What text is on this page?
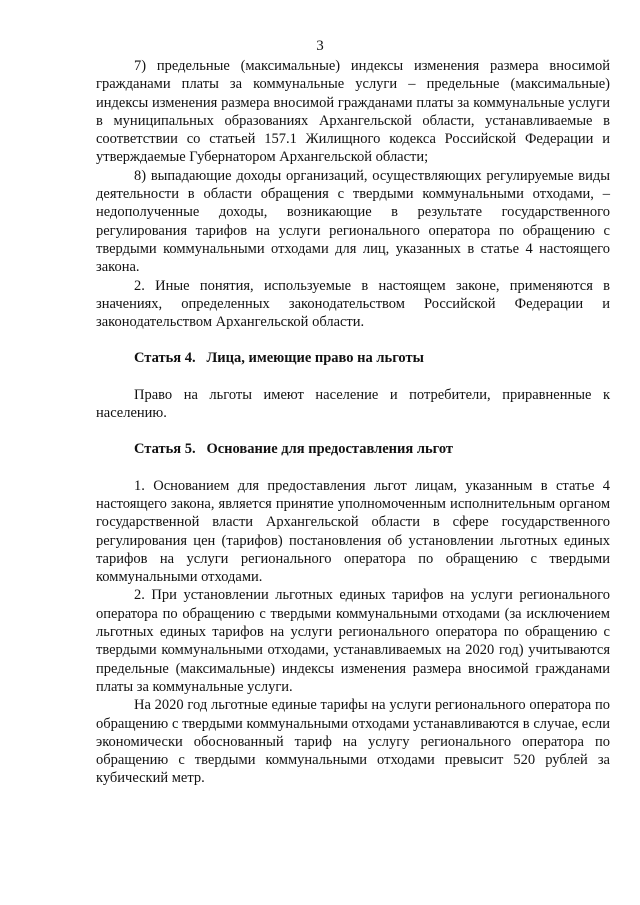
3

7) предельные (максимальные) индексы изменения размера вносимой гражданами платы за коммунальные услуги – предельные (максимальные) индексы изменения размера вносимой гражданами платы за коммунальные услуги в муниципальных образованиях Архангельской области, устанавливаемые в соответствии со статьей 157.1 Жилищного кодекса Российской Федерации и утверждаемые Губернатором Архангельской области;

8) выпадающие доходы организаций, осуществляющих регулируемые виды деятельности в области обращения с твердыми коммунальными отходами, – недополученные доходы, возникающие в результате государственного регулирования тарифов на услуги регионального оператора по обращению с твердыми коммунальными отходами для лиц, указанных в статье 4 настоящего закона.

2. Иные понятия, используемые в настоящем законе, применяются в значениях, определенных законодательством Российской Федерации и законодательством Архангельской области.

Статья 4.   Лица, имеющие право на льготы

Право на льготы имеют население и потребители, приравненные к населению.

Статья 5.   Основание для предоставления льгот

1. Основанием для предоставления льгот лицам, указанным в статье 4 настоящего закона, является принятие уполномоченным исполнительным органом государственной власти Архангельской области в сфере государственного регулирования цен (тарифов) постановления об установлении льготных единых тарифов на услуги регионального оператора по обращению с твердыми коммунальными отходами.

2. При установлении льготных единых тарифов на услуги регионального оператора по обращению с твердыми коммунальными отходами (за исключением льготных единых тарифов на услуги регионального оператора по обращению с твердыми коммунальными отходами, устанавливаемых на 2020 год) учитываются предельные (максимальные) индексы изменения размера вносимой гражданами платы за коммунальные услуги.

На 2020 год льготные единые тарифы на услуги регионального оператора по обращению с твердыми коммунальными отходами устанавливаются в случае, если экономически обоснованный тариф на услугу регионального оператора по обращению с твердыми коммунальными отходами превысит 520 рублей за кубический метр.
